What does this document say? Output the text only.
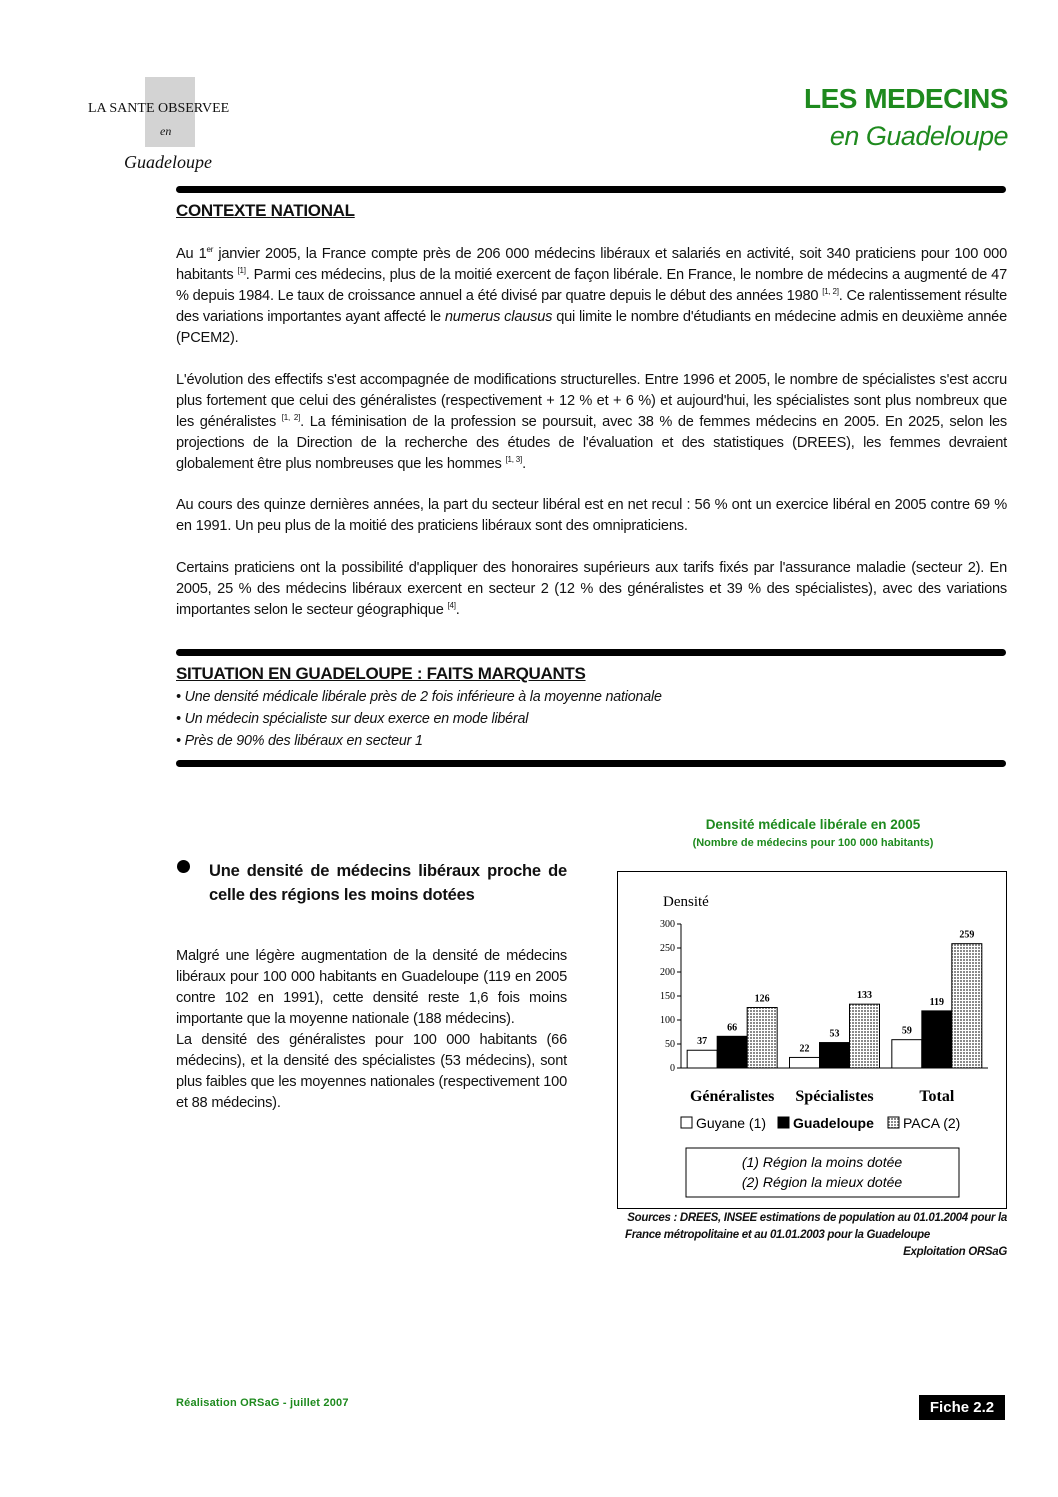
LA SANTE OBSERVEE
en
Guadeloupe
LES MEDECINS
en Guadeloupe
CONTEXTE NATIONAL

Au 1er janvier 2005, la France compte près de 206 000 médecins libéraux et salariés en activité, soit 340 praticiens pour 100 000 habitants [1]. Parmi ces médecins, plus de la moitié exercent de façon libérale. En France, le nombre de médecins a augmenté de 47 % depuis 1984. Le taux de croissance annuel a été divisé par quatre depuis le début des années 1980 [1, 2]. Ce ralentissement résulte des variations importantes ayant affecté le numerus clausus qui limite le nombre d'étudiants en médecine admis en deuxième année (PCEM2).

L'évolution des effectifs s'est accompagnée de modifications structurelles. Entre 1996 et 2005, le nombre de spécialistes s'est accru plus fortement que celui des généralistes (respectivement + 12 % et + 6 %) et aujourd'hui, les spécialistes sont plus nombreux que les généralistes [1, 2]. La féminisation de la profession se poursuit, avec 38 % de femmes médecins en 2005. En 2025, selon les projections de la Direction de la recherche des études de l'évaluation et des statistiques (DREES), les femmes devraient globalement être plus nombreuses que les hommes [1, 3].

Au cours des quinze dernières années, la part du secteur libéral est en net recul : 56 % ont un exercice libéral en 2005 contre 69 % en 1991. Un peu plus de la moitié des praticiens libéraux sont des omnipraticiens.

Certains praticiens ont la possibilité d'appliquer des honoraires supérieurs aux tarifs fixés par l'assurance maladie (secteur 2). En 2005, 25 % des médecins libéraux exercent en secteur 2 (12 % des généralistes et 39 % des spécialistes), avec des variations importantes selon le secteur géographique [4].

SITUATION EN GUADELOUPE : FAITS MARQUANTS

• Une densité médicale libérale près de 2 fois inférieure à la moyenne nationale

• Un médecin spécialiste sur deux exerce en mode libéral

• Près de 90% des libéraux en secteur 1

Une densité de médecins libéraux proche de celle des régions les moins dotées

Malgré une légère augmentation de la densité de médecins libéraux pour 100 000 habitants en Guadeloupe (119 en 2005 contre 102 en 1991), cette densité reste 1,6 fois moins importante que la moyenne nationale (188 médecins).

La densité des généralistes pour 100 000 habitants (66 médecins), et la densité des spécialistes (53 médecins), sont plus faibles que les moyennes nationales (respectivement 100 et 88 médecins).

Densité médicale libérale en 2005
(Nombre de médecins pour 100 000 habitants)
Densité
0
50
100
150
200
250
300
Généralistes Spécialistes	Total
37
66
126
22
53
133
59
119
259
Guyane (1) Guadeloupe PACA (2)
(1) Région la moins dotée
(2) Région la mieux dotée
Sources : DREES, INSEE estimations de population au 01.01.2004 pour la
France métropolitaine et au 01.01.2003 pour la Guadeloupe
Exploitation ORSaG
Réalisation ORSaG - juillet 2007	Fiche 2.2
